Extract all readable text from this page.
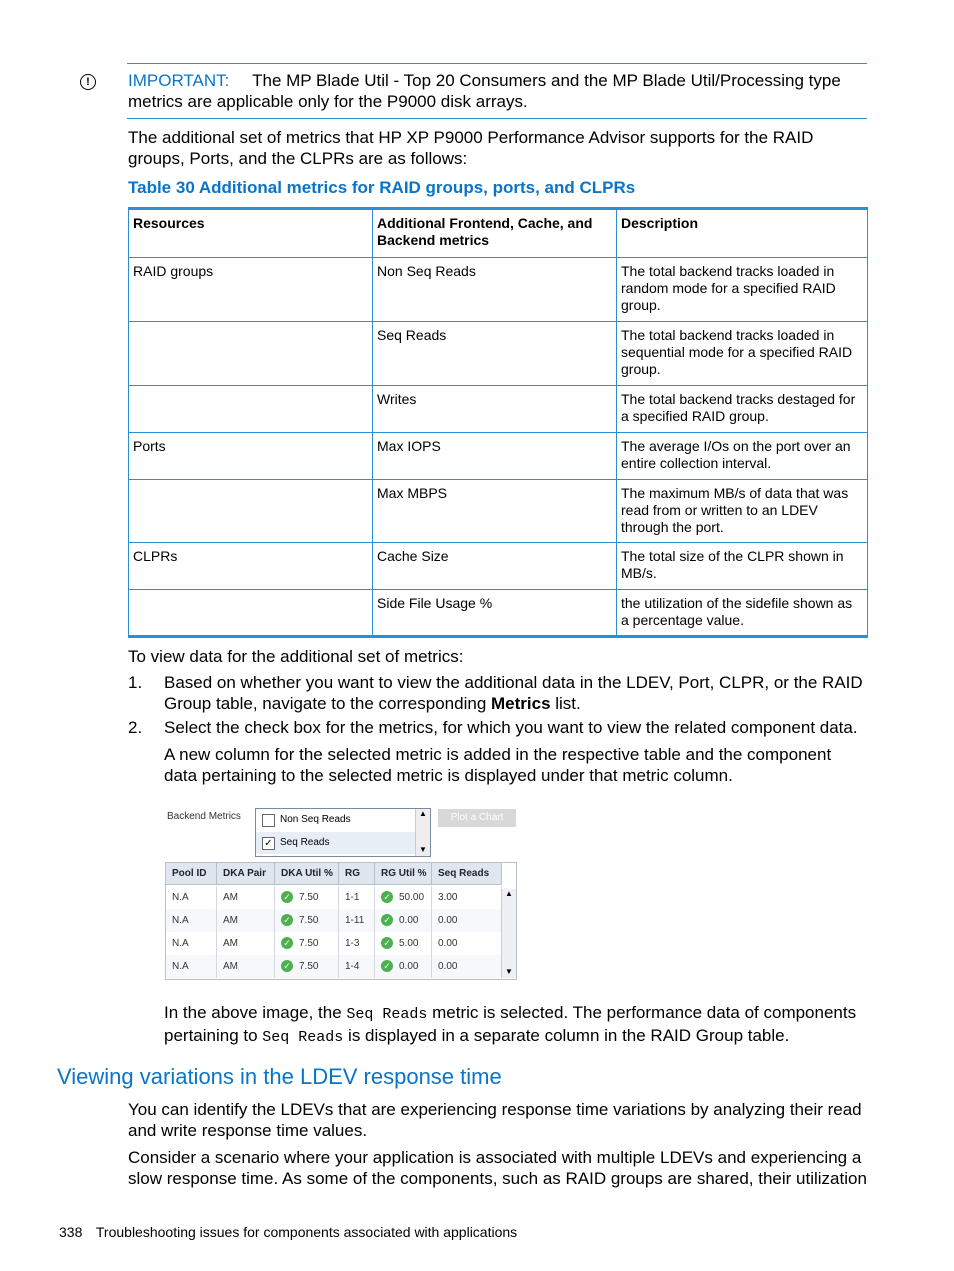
!	IMPORTANT: The MP Blade Util - Top 20 Consumers and the MP Blade Util/Processing type metrics are applicable only for the P9000 disk arrays.
The additional set of metrics that HP XP P9000 Performance Advisor supports for the RAID groups, Ports, and the CLPRs are as follows:
Table 30 Additional metrics for RAID groups, ports, and CLPRs
Resources	Additional Frontend, Cache, and Backend metrics	Description
RAID groups	Non Seq Reads	The total backend tracks loaded in random mode for a specified RAID group.
	Seq Reads	The total backend tracks loaded in sequential mode for a specified RAID group.
	Writes	The total backend tracks destaged for a specified RAID group.
Ports	Max IOPS	The average I/Os on the port over an entire collection interval.
	Max MBPS	The maximum MB/s of data that was read from or written to an LDEV through the port.
CLPRs	Cache Size	The total size of the CLPR shown in MB/s.
	Side File Usage %	the utilization of the sidefile shown as a percentage value.
To view data for the additional set of metrics:
1. Based on whether you want to view the additional data in the LDEV, Port, CLPR, or the RAID Group table, navigate to the corresponding Metrics list.
2. Select the check box for the metrics, for which you want to view the related component data.
A new column for the selected metric is added in the respective table and the component data pertaining to the selected metric is displayed under that metric column.
Backend Metrics	Non Seq Reads
✓ Seq Reads
▲
▼
Plot a Chart
Pool ID	DKA Pair	DKA Util %	RG	RG Util %	Seq Reads
N.A	AM	✓ 7.50	1-1	✓ 50.00	3.00
N.A	AM	✓ 7.50	1-11	✓ 0.00	0.00
N.A	AM	✓ 7.50	1-3	✓ 5.00	0.00
N.A	AM	✓ 7.50	1-4	✓ 0.00	0.00
▲
▼
In the above image, the Seq Reads metric is selected. The performance data of components pertaining to Seq Reads is displayed in a separate column in the RAID Group table.
Viewing variations in the LDEV response time
You can identify the LDEVs that are experiencing response time variations by analyzing their read and write response time values.
Consider a scenario where your application is associated with multiple LDEVs and experiencing a slow response time. As some of the components, such as RAID groups are shared, their utilization
338 Troubleshooting issues for components associated with applications
